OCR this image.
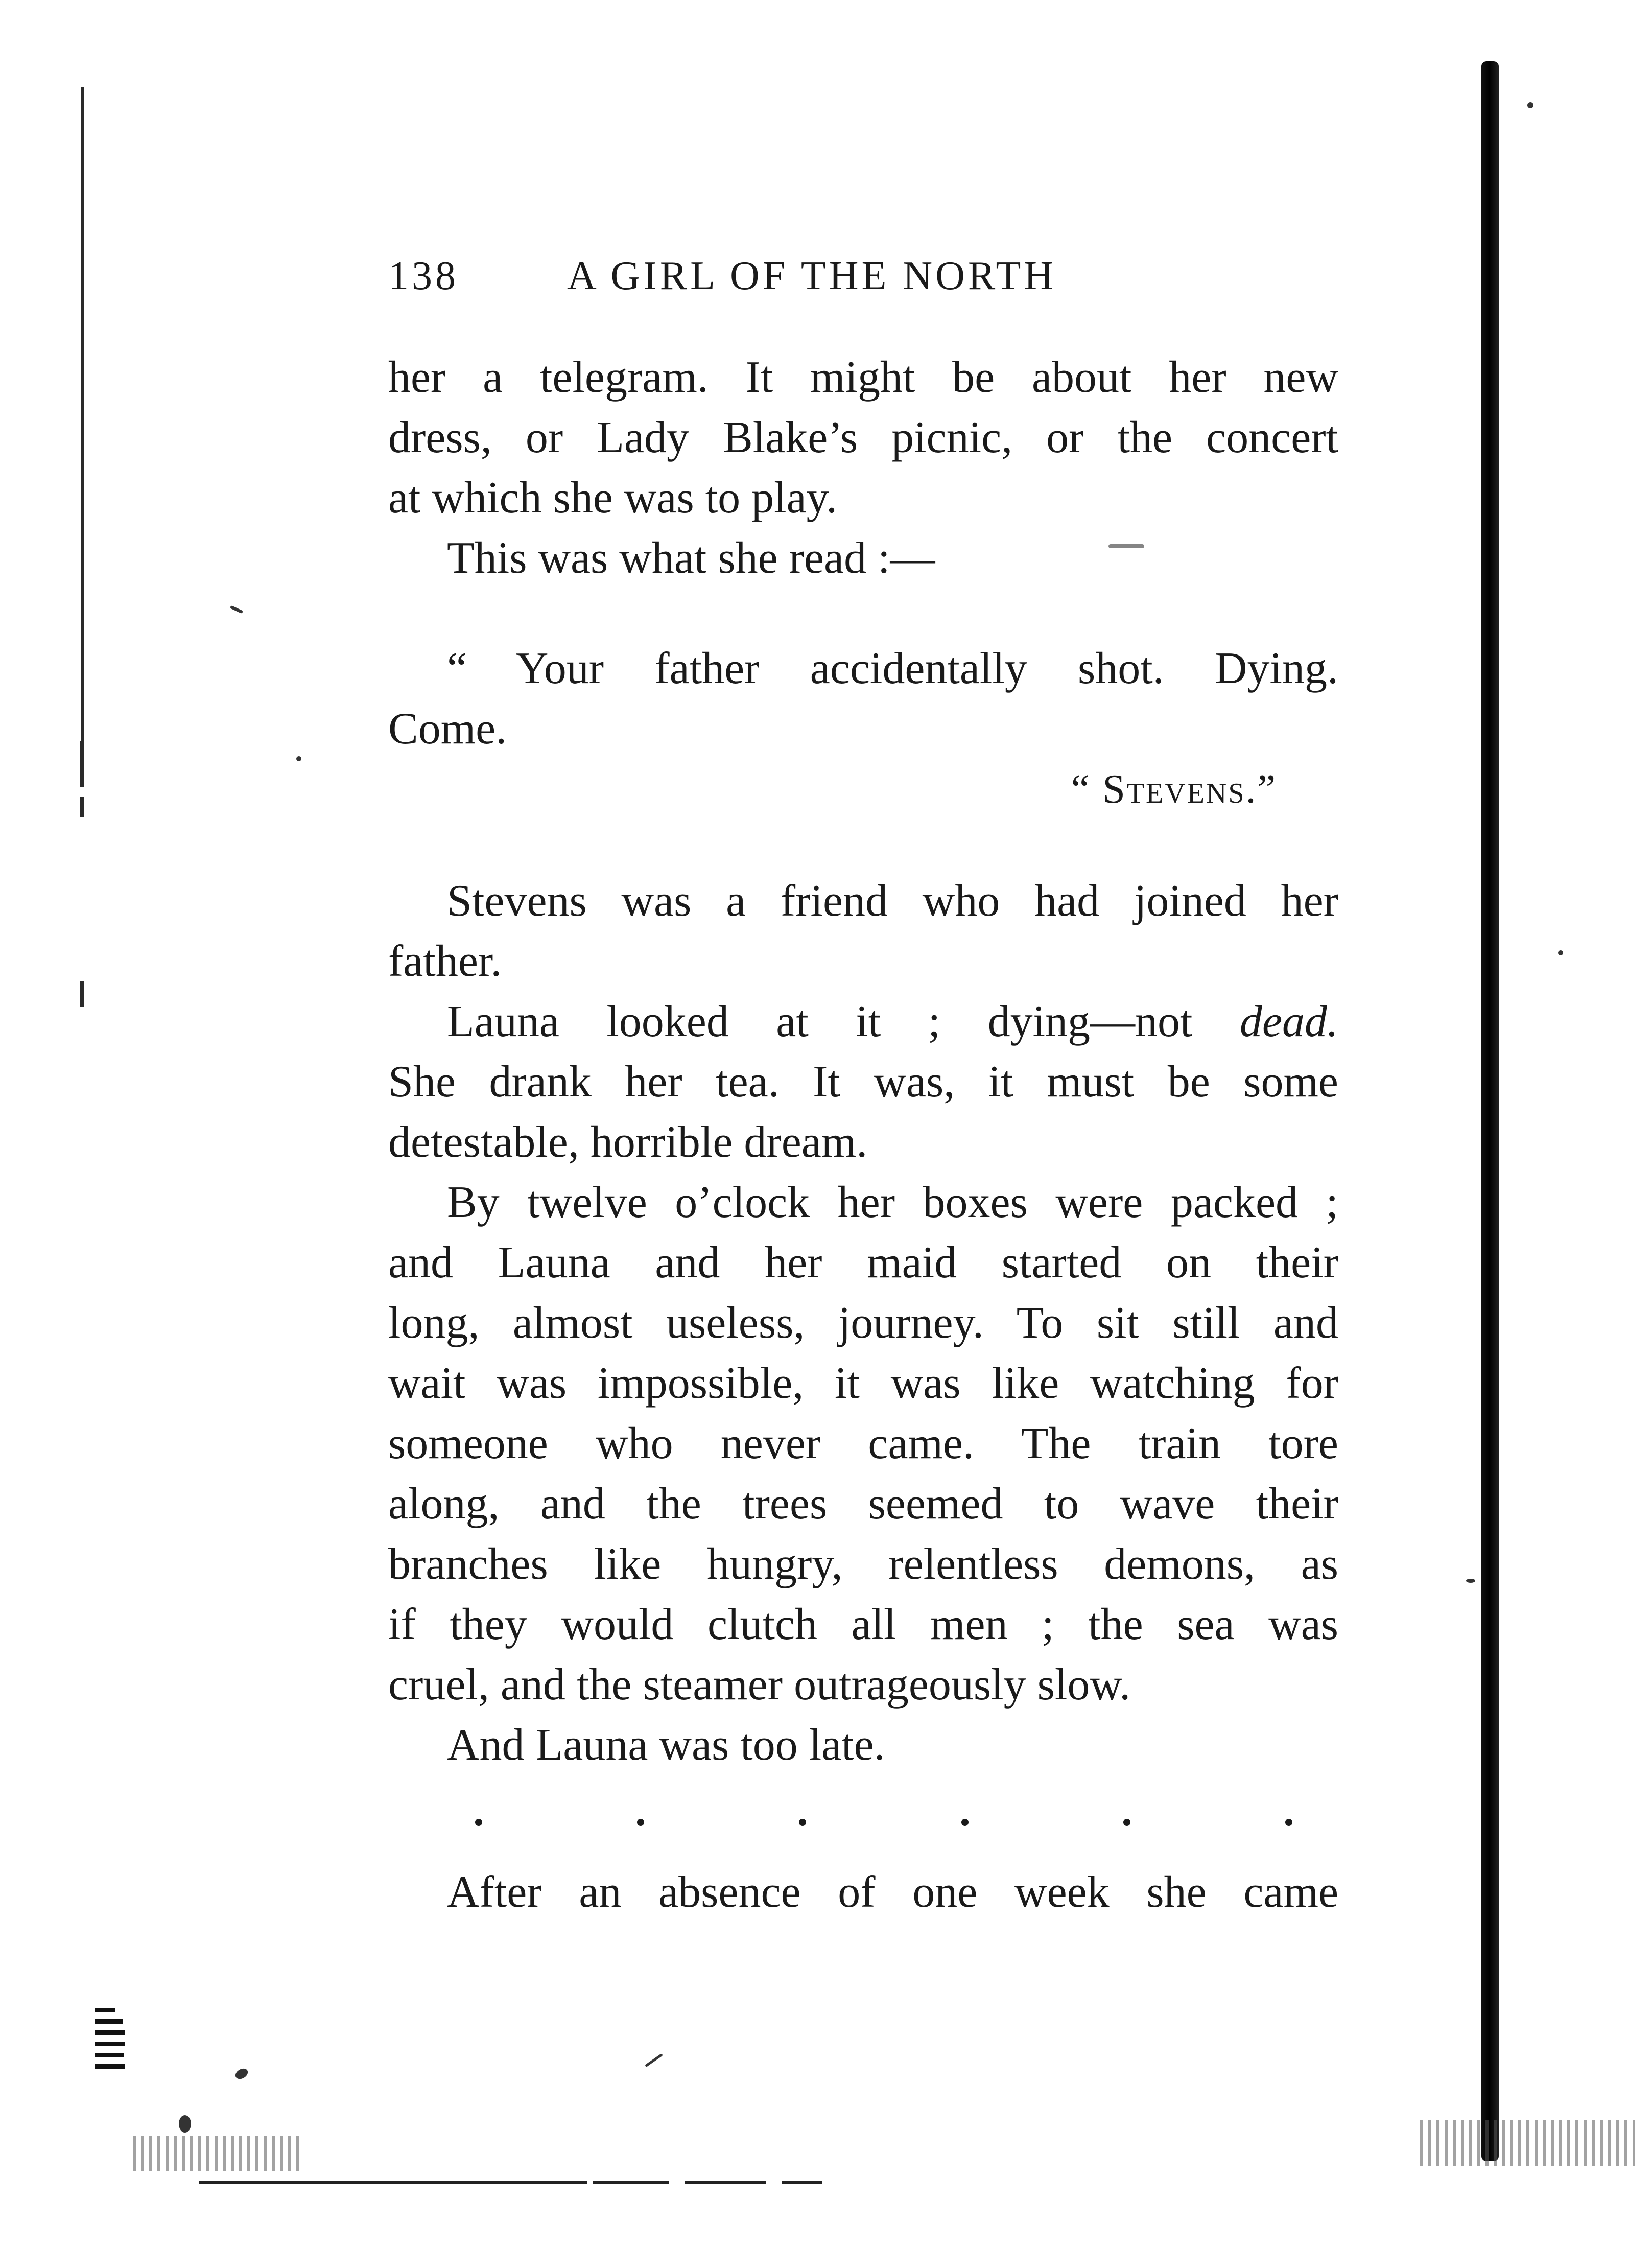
138	A GIRL OF THE NORTH
her a telegram. It might be about her new
dress, or Lady Blake’s picnic, or the concert
at which she was to play.
This was what she read :—
“ Your father accidentally shot. Dying.
Come.
“ Stevens.”
Stevens was a friend who had joined her
father.
Launa looked at it ; dying—not dead.
She drank her tea. It was, it must be some
detestable, horrible dream.
By twelve o’clock her boxes were packed ;
and Launa and her maid started on their
long, almost useless, journey. To sit still and
wait was impossible, it was like watching for
someone who never came. The train tore
along, and the trees seemed to wave their
branches like hungry, relentless demons, as
if they would clutch all men ; the sea was
cruel, and the steamer outrageously slow.
And Launa was too late.
After an absence of one week she came
